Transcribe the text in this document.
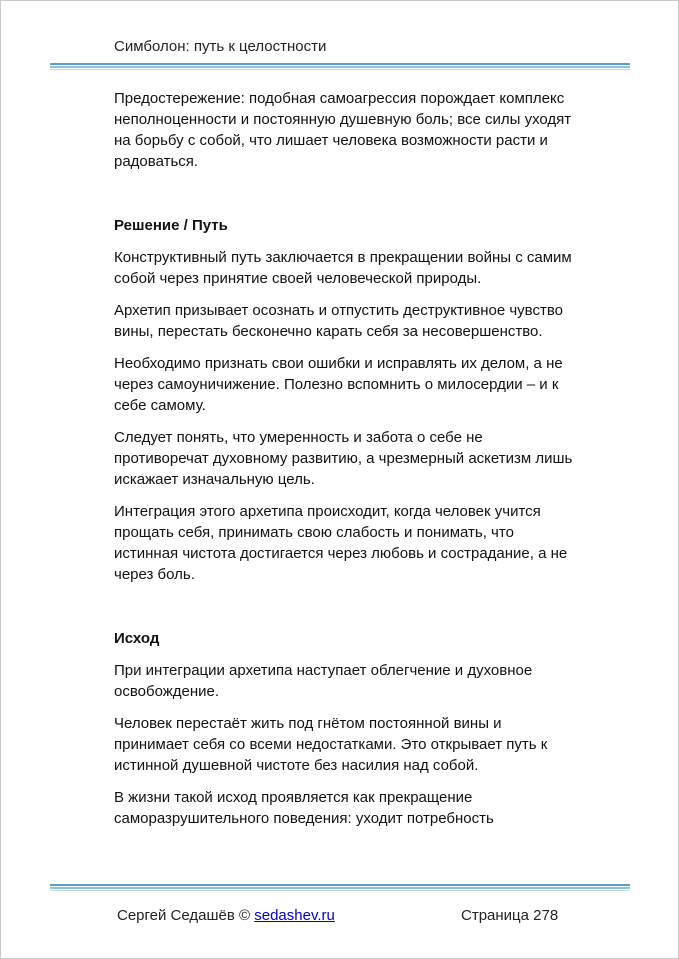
Симболон: путь к целостности

Предостережение: подобная самоагрессия порождает комплекс неполноценности и постоянную душевную боль; все силы уходят на борьбу с собой, что лишает человека возможности расти и радоваться.

Решение / Путь

Конструктивный путь заключается в прекращении войны с самим собой через принятие своей человеческой природы.

Архетип призывает осознать и отпустить деструктивное чувство вины, перестать бесконечно карать себя за несовершенство.

Необходимо признать свои ошибки и исправлять их делом, а не через самоуничижение. Полезно вспомнить о милосердии – и к себе самому.

Следует понять, что умеренность и забота о себе не противоречат духовному развитию, а чрезмерный аскетизм лишь искажает изначальную цель.

Интеграция этого архетипа происходит, когда человек учится прощать себя, принимать свою слабость и понимать, что истинная чистота достигается через любовь и сострадание, а не через боль.

Исход

При интеграции архетипа наступает облегчение и духовное освобождение.

Человек перестаёт жить под гнётом постоянной вины и принимает себя со всеми недостатками. Это открывает путь к истинной душевной чистоте без насилия над собой.

В жизни такой исход проявляется как прекращение саморазрушительного поведения: уходит потребность

Сергей Седашёв © sedashev.ru	Страница 278
